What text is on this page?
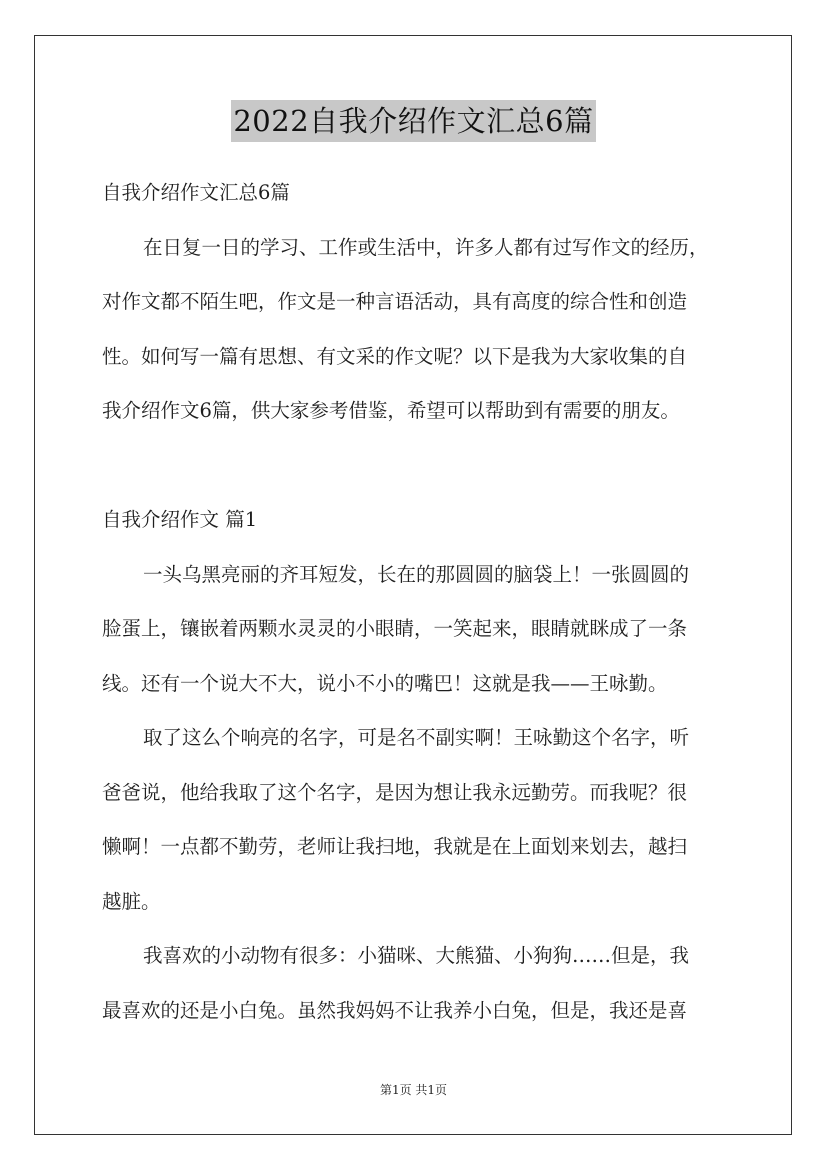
2022自我介绍作文汇总6篇
自我介绍作文汇总6篇
在日复一日的学习、工作或生活中，许多人都有过写作文的经历，
对作文都不陌生吧，作文是一种言语活动，具有高度的综合性和创造
性。如何写一篇有思想、有文采的作文呢？以下是我为大家收集的自
我介绍作文6篇，供大家参考借鉴，希望可以帮助到有需要的朋友。
自我介绍作文 篇1
一头乌黑亮丽的齐耳短发，长在的那圆圆的脑袋上！一张圆圆的
脸蛋上，镶嵌着两颗水灵灵的小眼睛，一笑起来，眼睛就眯成了一条
线。还有一个说大不大，说小不小的嘴巴！这就是我——王咏勤。
取了这么个响亮的名字，可是名不副实啊！王咏勤这个名字，听
爸爸说，他给我取了这个名字，是因为想让我永远勤劳。而我呢？很
懒啊！一点都不勤劳，老师让我扫地，我就是在上面划来划去，越扫
越脏。
我喜欢的小动物有很多：小猫咪、大熊猫、小狗狗……但是，我
最喜欢的还是小白兔。虽然我妈妈不让我养小白兔，但是，我还是喜
第1页 共1页
